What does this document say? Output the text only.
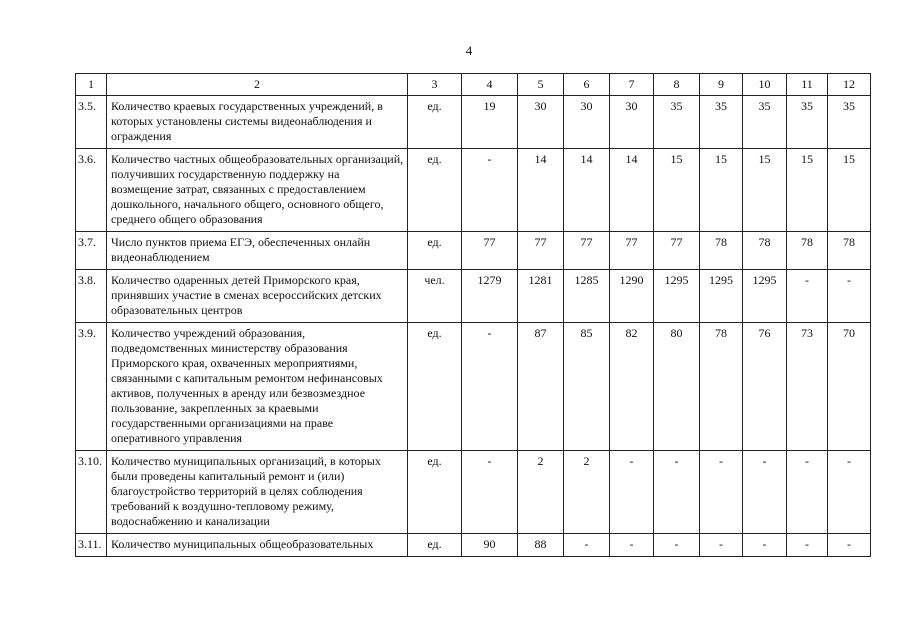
4
1	2	3	4	5	6	7	8	9	10	11	12
3.5.	Количество краевых государственных учреждений, в которых установлены системы видеонаблюдения и ограждения	ед.	19	30	30	30	35	35	35	35	35
3.6.	Количество частных общеобразовательных организаций, получивших государственную поддержку на возмещение затрат, связанных с предоставлением дошкольного, начального общего, основного общего, среднего общего образования	ед.	-	14	14	14	15	15	15	15	15
3.7.	Число пунктов приема ЕГЭ, обеспеченных онлайн видеонаблюдением	ед.	77	77	77	77	77	78	78	78	78
3.8.	Количество одаренных детей Приморского края, принявших участие в сменах всероссийских детских образовательных центров	чел.	1279	1281	1285	1290	1295	1295	1295	-	-
3.9.	Количество учреждений образования, подведомственных министерству образования Приморского края, охваченных мероприятиями, связанными с капитальным ремонтом нефинансовых активов, полученных в аренду или безвозмездное пользование, закрепленных за краевыми государственными организациями на праве оперативного управления	ед.	-	87	85	82	80	78	76	73	70
3.10.	Количество муниципальных организаций, в которых были проведены капитальный ремонт и (или) благоустройство территорий в целях соблюдения требований к воздушно-тепловому режиму, водоснабжению и канализации	ед.	-	2	2	-	-	-	-	-	-
3.11.	Количество муниципальных общеобразовательных	ед.	90	88	-	-	-	-	-	-	-
